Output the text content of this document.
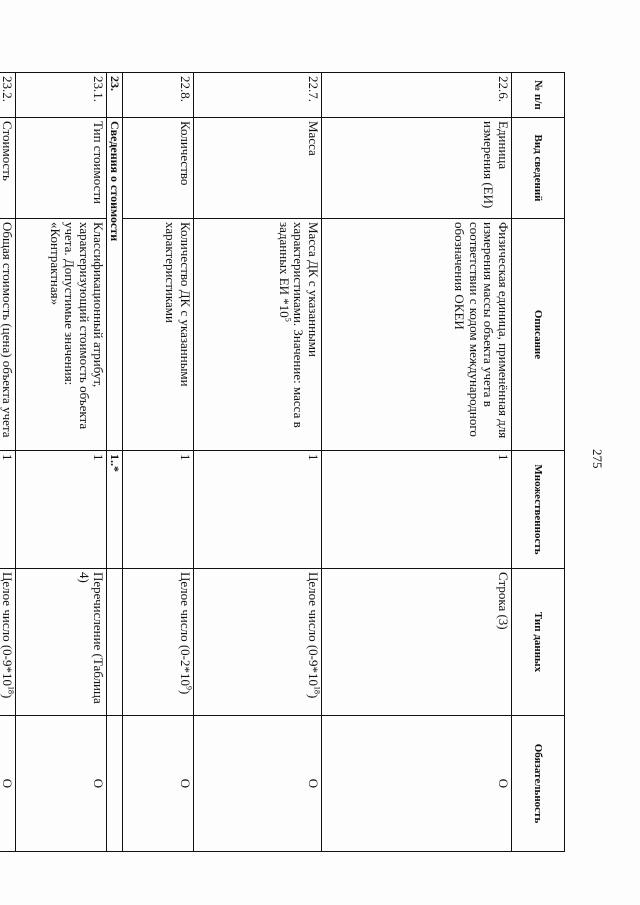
275
№ п/п	Вид сведений	Описание	Множественность	Тип данных	Обязательность
22.6.	Единица измерения (ЕИ)	Физическая единица, применённая для измерения массы объекта учета в соответствии с кодом международного обозначения ОКЕИ	1	Строка (3)	О
22.7.	Масса	Масса ДК с указанными характеристиками. Значение: масса в заданных ЕИ $*10^5$	1	Целое число $(0-9*10^{18})$	О
22.8.	Количество	Количество ДК с указанными характеристиками	1	Целое число $(0-2*10^9)$	О
23.	Сведения о стоимости		1..*		
23.1.	Тип стоимости	Классификационный атрибут, характеризующий стоимость объекта учета. Допустимые значения: «Контрактная»	1	Перечисление (Таблица 4)	О
23.2.	Стоимость	Общая стоимость (цена) объекта учета	1	Целое число $(0-9*10^{18})$	О
